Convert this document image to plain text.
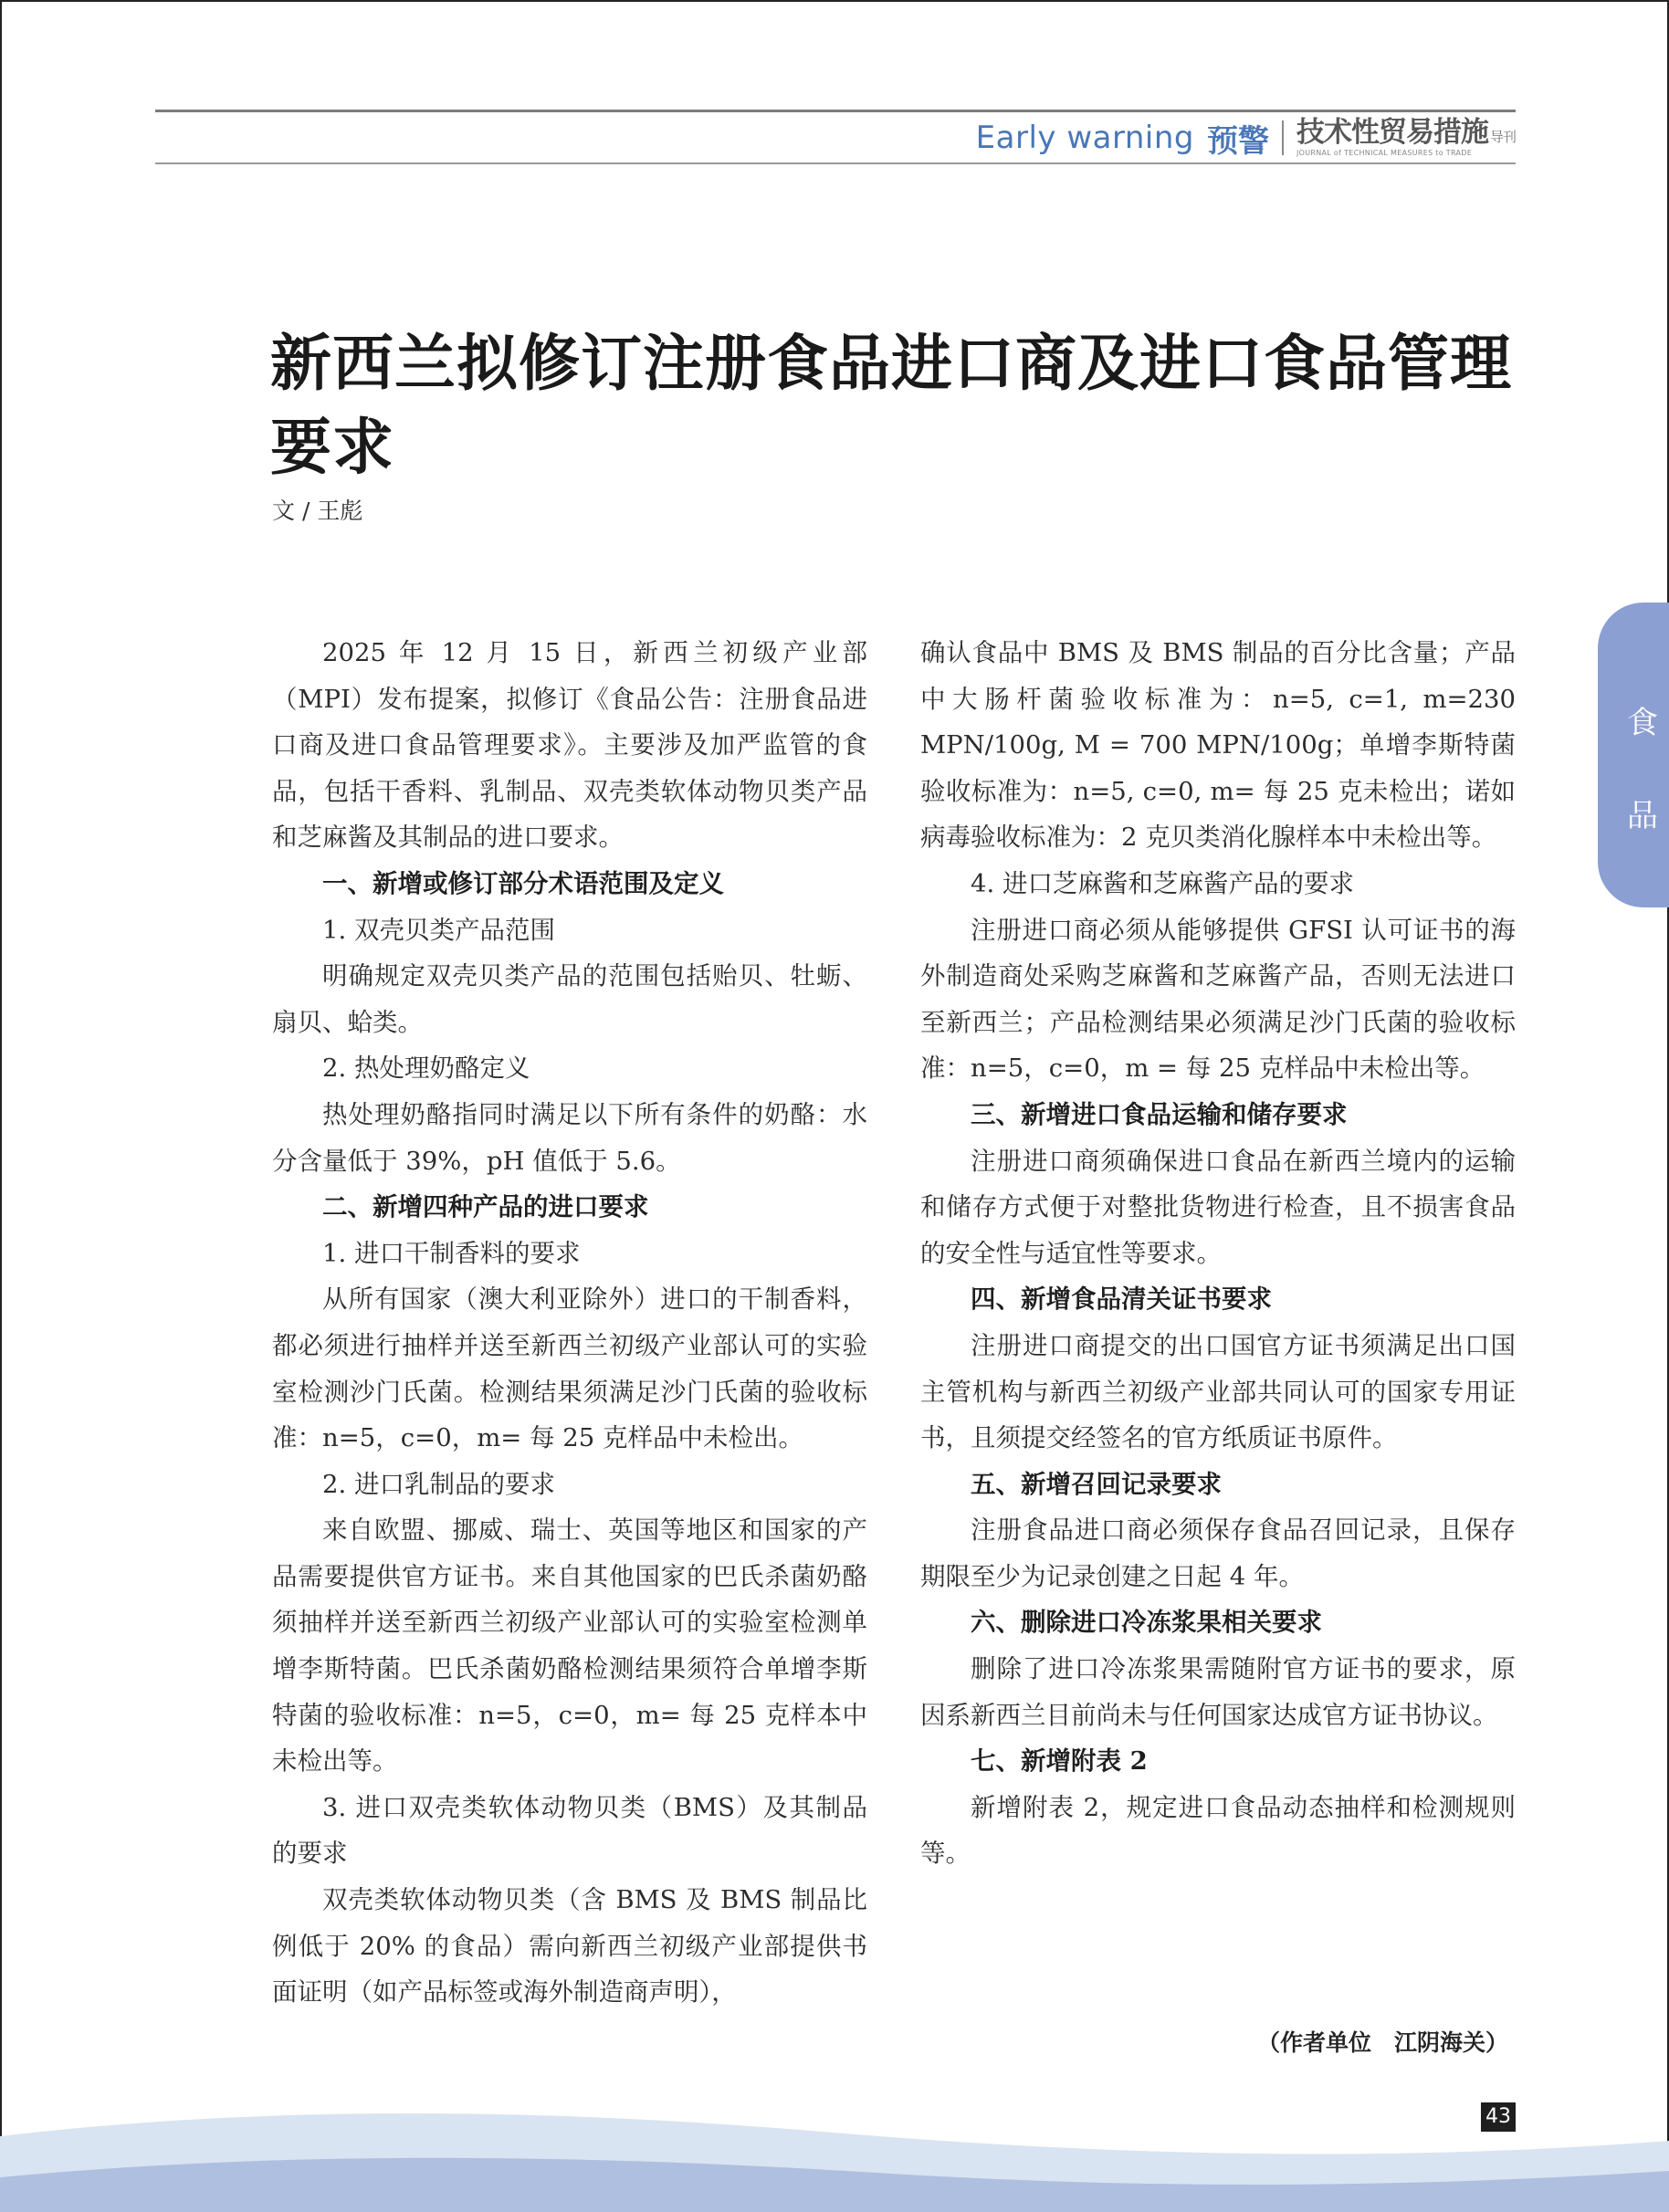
Early warning 预警 技术性贸易措施 导刊
JOURNAL of TECHNICAL MEASURES to TRADE
新西兰拟修订注册食品进口商及进口食品管理要求
文 / 王彪
食
品

2025 年 12 月 15 日，新西兰初级产业部（MPI）发布提案，拟修订《食品公告：注册食品进口商及进口食品管理要求》。主要涉及加严监管的食品，包括干香料、乳制品、双壳类软体动物贝类产品和芝麻酱及其制品的进口要求。

一、新增或修订部分术语范围及定义

1. 双壳贝类产品范围

明确规定双壳贝类产品的范围包括贻贝、牡蛎、扇贝、蛤类。

2. 热处理奶酪定义

热处理奶酪指同时满足以下所有条件的奶酪：水分含量低于 39%，pH 值低于 5.6。

二、新增四种产品的进口要求

1. 进口干制香料的要求

从所有国家（澳大利亚除外）进口的干制香料，都必须进行抽样并送至新西兰初级产业部认可的实验室检测沙门氏菌。检测结果须满足沙门氏菌的验收标准：n=5，c=0，m= 每 25 克样品中未检出。

2. 进口乳制品的要求

来自欧盟、挪威、瑞士、英国等地区和国家的产品需要提供官方证书。来自其他国家的巴氏杀菌奶酪须抽样并送至新西兰初级产业部认可的实验室检测单增李斯特菌。巴氏杀菌奶酪检测结果须符合单增李斯特菌的验收标准：n=5，c=0，m= 每 25 克样本中未检出等。

3. 进口双壳类软体动物贝类（BMS）及其制品的要求

双壳类软体动物贝类（含 BMS 及 BMS 制品比例低于 20% 的食品）需向新西兰初级产业部提供书面证明（如产品标签或海外制造商声明），

确认食品中 BMS 及 BMS 制品的百分比含量；产品中大肠杆菌验收标准为：n=5, c=1, m=230 MPN/100g, M = 700 MPN/100g；单增李斯特菌验收标准为：n=5, c=0, m= 每 25 克未检出；诺如病毒验收标准为：2 克贝类消化腺样本中未检出等。

4. 进口芝麻酱和芝麻酱产品的要求

注册进口商必须从能够提供 GFSI 认可证书的海外制造商处采购芝麻酱和芝麻酱产品，否则无法进口至新西兰；产品检测结果必须满足沙门氏菌的验收标准：n=5，c=0，m = 每 25 克样品中未检出等。

三、新增进口食品运输和储存要求

注册进口商须确保进口食品在新西兰境内的运输和储存方式便于对整批货物进行检查，且不损害食品的安全性与适宜性等要求。

四、新增食品清关证书要求

注册进口商提交的出口国官方证书须满足出口国主管机构与新西兰初级产业部共同认可的国家专用证书，且须提交经签名的官方纸质证书原件。

五、新增召回记录要求

注册食品进口商必须保存食品召回记录，且保存期限至少为记录创建之日起 4 年。

六、删除进口冷冻浆果相关要求

删除了进口冷冻浆果需随附官方证书的要求，原因系新西兰目前尚未与任何国家达成官方证书协议。

七、新增附表 2

新增附表 2，规定进口食品动态抽样和检测规则等。

（作者单位　江阴海关）
43
